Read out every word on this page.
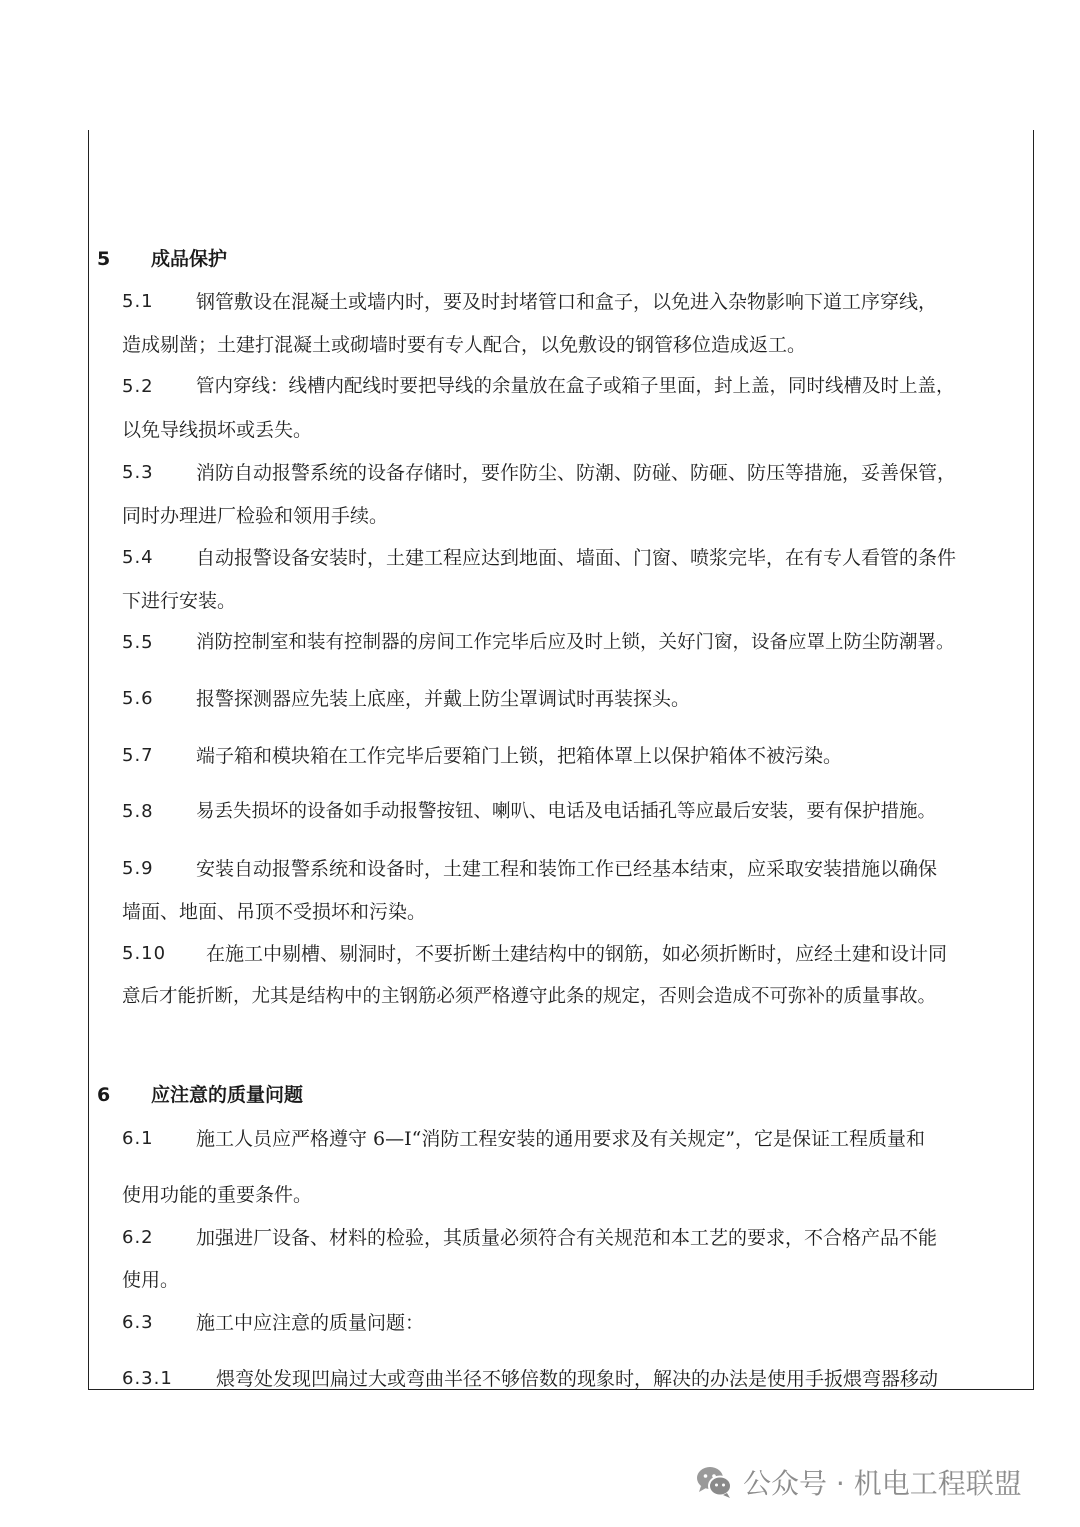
5 成品保护
5.1 钢管敷设在混凝土或墙内时，要及时封堵管口和盒子，以免进入杂物影响下道工序穿线，
造成剔凿；土建打混凝土或砌墙时要有专人配合，以免敷设的钢管移位造成返工。
5.2 管内穿线：线槽内配线时要把导线的余量放在盒子或箱子里面，封上盖，同时线槽及时上盖，
以免导线损坏或丢失。
5.3 消防自动报警系统的设备存储时，要作防尘、防潮、防碰、防砸、防压等措施，妥善保管，
同时办理进厂检验和领用手续。
5.4 自动报警设备安装时，土建工程应达到地面、墙面、门窗、喷浆完毕，在有专人看管的条件
下进行安装。
5.5 消防控制室和装有控制器的房间工作完毕后应及时上锁，关好门窗，设备应罩上防尘防潮署。
5.6 报警探测器应先装上底座，并戴上防尘罩调试时再装探头。
5.7 端子箱和模块箱在工作完毕后要箱门上锁，把箱体罩上以保护箱体不被污染。
5.8 易丢失损坏的设备如手动报警按钮、喇叭、电话及电话插孔等应最后安装，要有保护措施。
5.9 安装自动报警系统和设备时，土建工程和装饰工作已经基本结束，应采取安装措施以确保
墙面、地面、吊顶不受损坏和污染。
5.10 在施工中剔槽、剔洞时，不要折断土建结构中的钢筋，如必须折断时，应经土建和设计同
意后才能折断，尤其是结构中的主钢筋必须严格遵守此条的规定，否则会造成不可弥补的质量事故。
6 应注意的质量问题
6.1 施工人员应严格遵守 6—Ⅰ“消防工程安装的通用要求及有关规定”，它是保证工程质量和
使用功能的重要条件。
6.2 加强进厂设备、材料的检验，其质量必须符合有关规范和本工艺的要求，不合格产品不能
使用。
6.3 施工中应注意的质量问题：
6.3.1 煨弯处发现凹扁过大或弯曲半径不够倍数的现象时，解决的办法是使用手扳煨弯器移动
公众号 · 机电工程联盟
